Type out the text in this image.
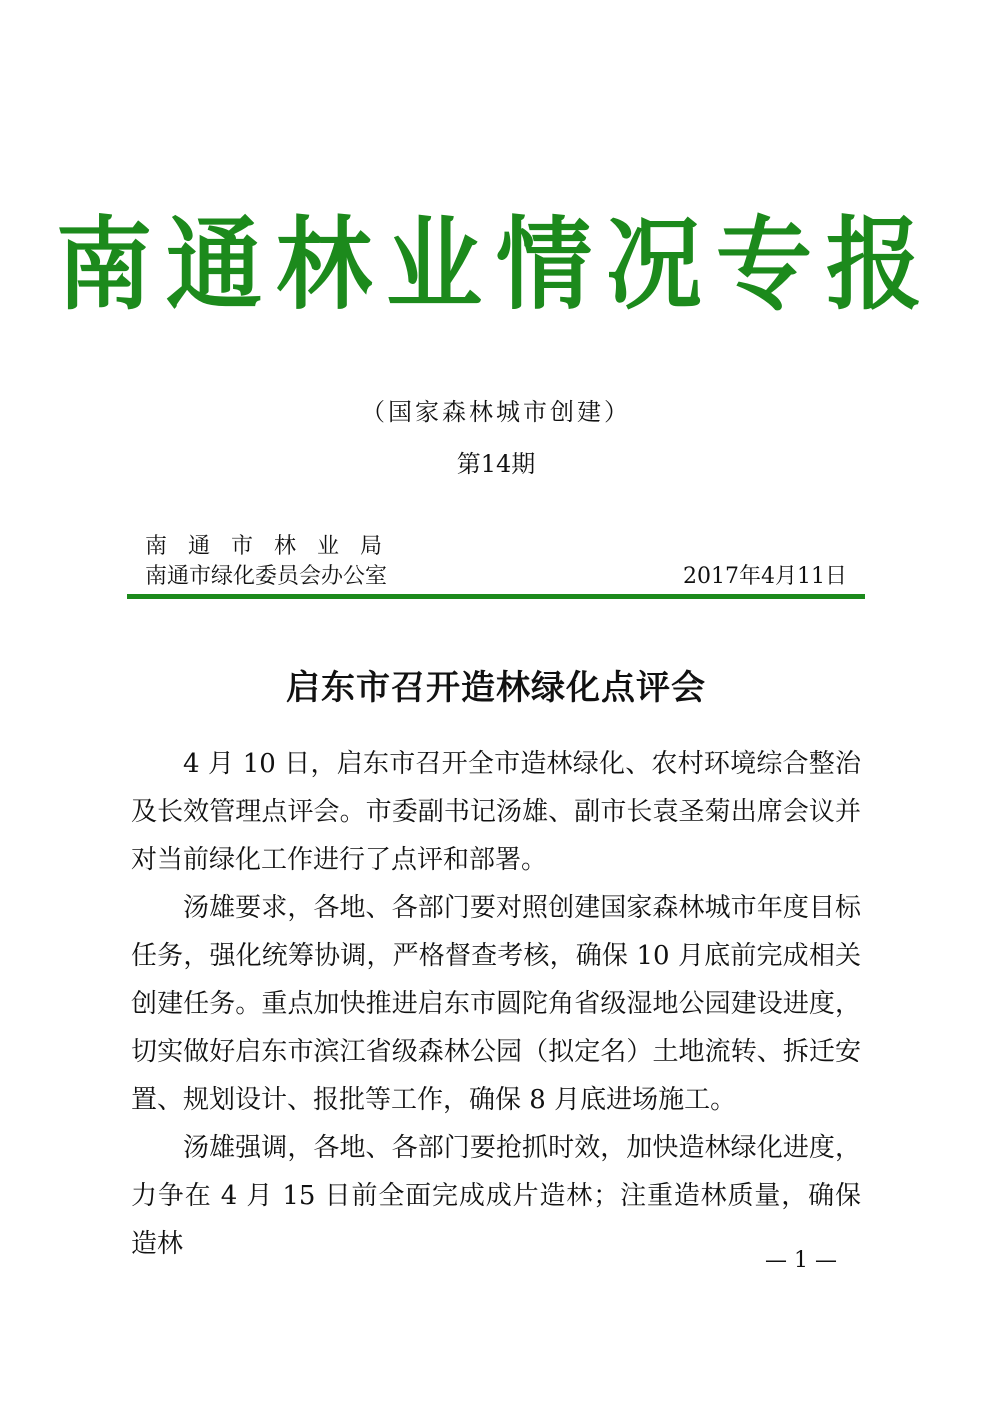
南通林业情况专报
（国家森林城市创建）
第14期
南通市林业局
南通市绿化委员会办公室	2017年4月11日
启东市召开造林绿化点评会

4 月 10 日，启东市召开全市造林绿化、农村环境综合整治及长效管理点评会。市委副书记汤雄、副市长袁圣菊出席会议并对当前绿化工作进行了点评和部署。

汤雄要求，各地、各部门要对照创建国家森林城市年度目标任务，强化统筹协调，严格督查考核，确保 10 月底前完成相关创建任务。重点加快推进启东市圆陀角省级湿地公园建设进度，切实做好启东市滨江省级森林公园（拟定名）土地流转、拆迁安置、规划设计、报批等工作，确保 8 月底进场施工。

汤雄强调，各地、各部门要抢抓时效，加快造林绿化进度，力争在 4 月 15 日前全面完成成片造林；注重造林质量，确保造林

— 1 —
